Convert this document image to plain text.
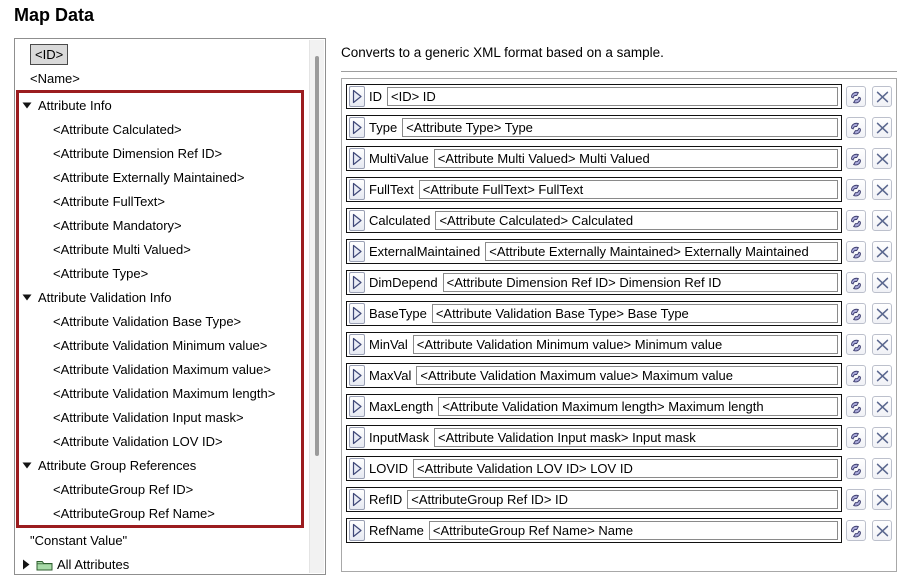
Map Data
<ID>
<Name>
Attribute Info
<Attribute Calculated>
<Attribute Dimension Ref ID>
<Attribute Externally Maintained>
<Attribute FullText>
<Attribute Mandatory>
<Attribute Multi Valued>
<Attribute Type>
Attribute Validation Info
<Attribute Validation Base Type>
<Attribute Validation Minimum value>
<Attribute Validation Maximum value>
<Attribute Validation Maximum length>
<Attribute Validation Input mask>
<Attribute Validation LOV ID>
Attribute Group References
<AttributeGroup Ref ID>
<AttributeGroup Ref Name>
"Constant Value"
All Attributes
Converts to a generic XML format based on a sample.
ID
<ID> ID
Type
<Attribute Type> Type
MultiValue
<Attribute Multi Valued> Multi Valued
FullText
<Attribute FullText> FullText
Calculated
<Attribute Calculated> Calculated
ExternalMaintained
<Attribute Externally Maintained> Externally Maintained
DimDepend
<Attribute Dimension Ref ID> Dimension Ref ID
BaseType
<Attribute Validation Base Type> Base Type
MinVal
<Attribute Validation Minimum value> Minimum value
MaxVal
<Attribute Validation Maximum value> Maximum value
MaxLength
<Attribute Validation Maximum length> Maximum length
InputMask
<Attribute Validation Input mask> Input mask
LOVID
<Attribute Validation LOV ID> LOV ID
RefID
<AttributeGroup Ref ID> ID
RefName
<AttributeGroup Ref Name> Name
